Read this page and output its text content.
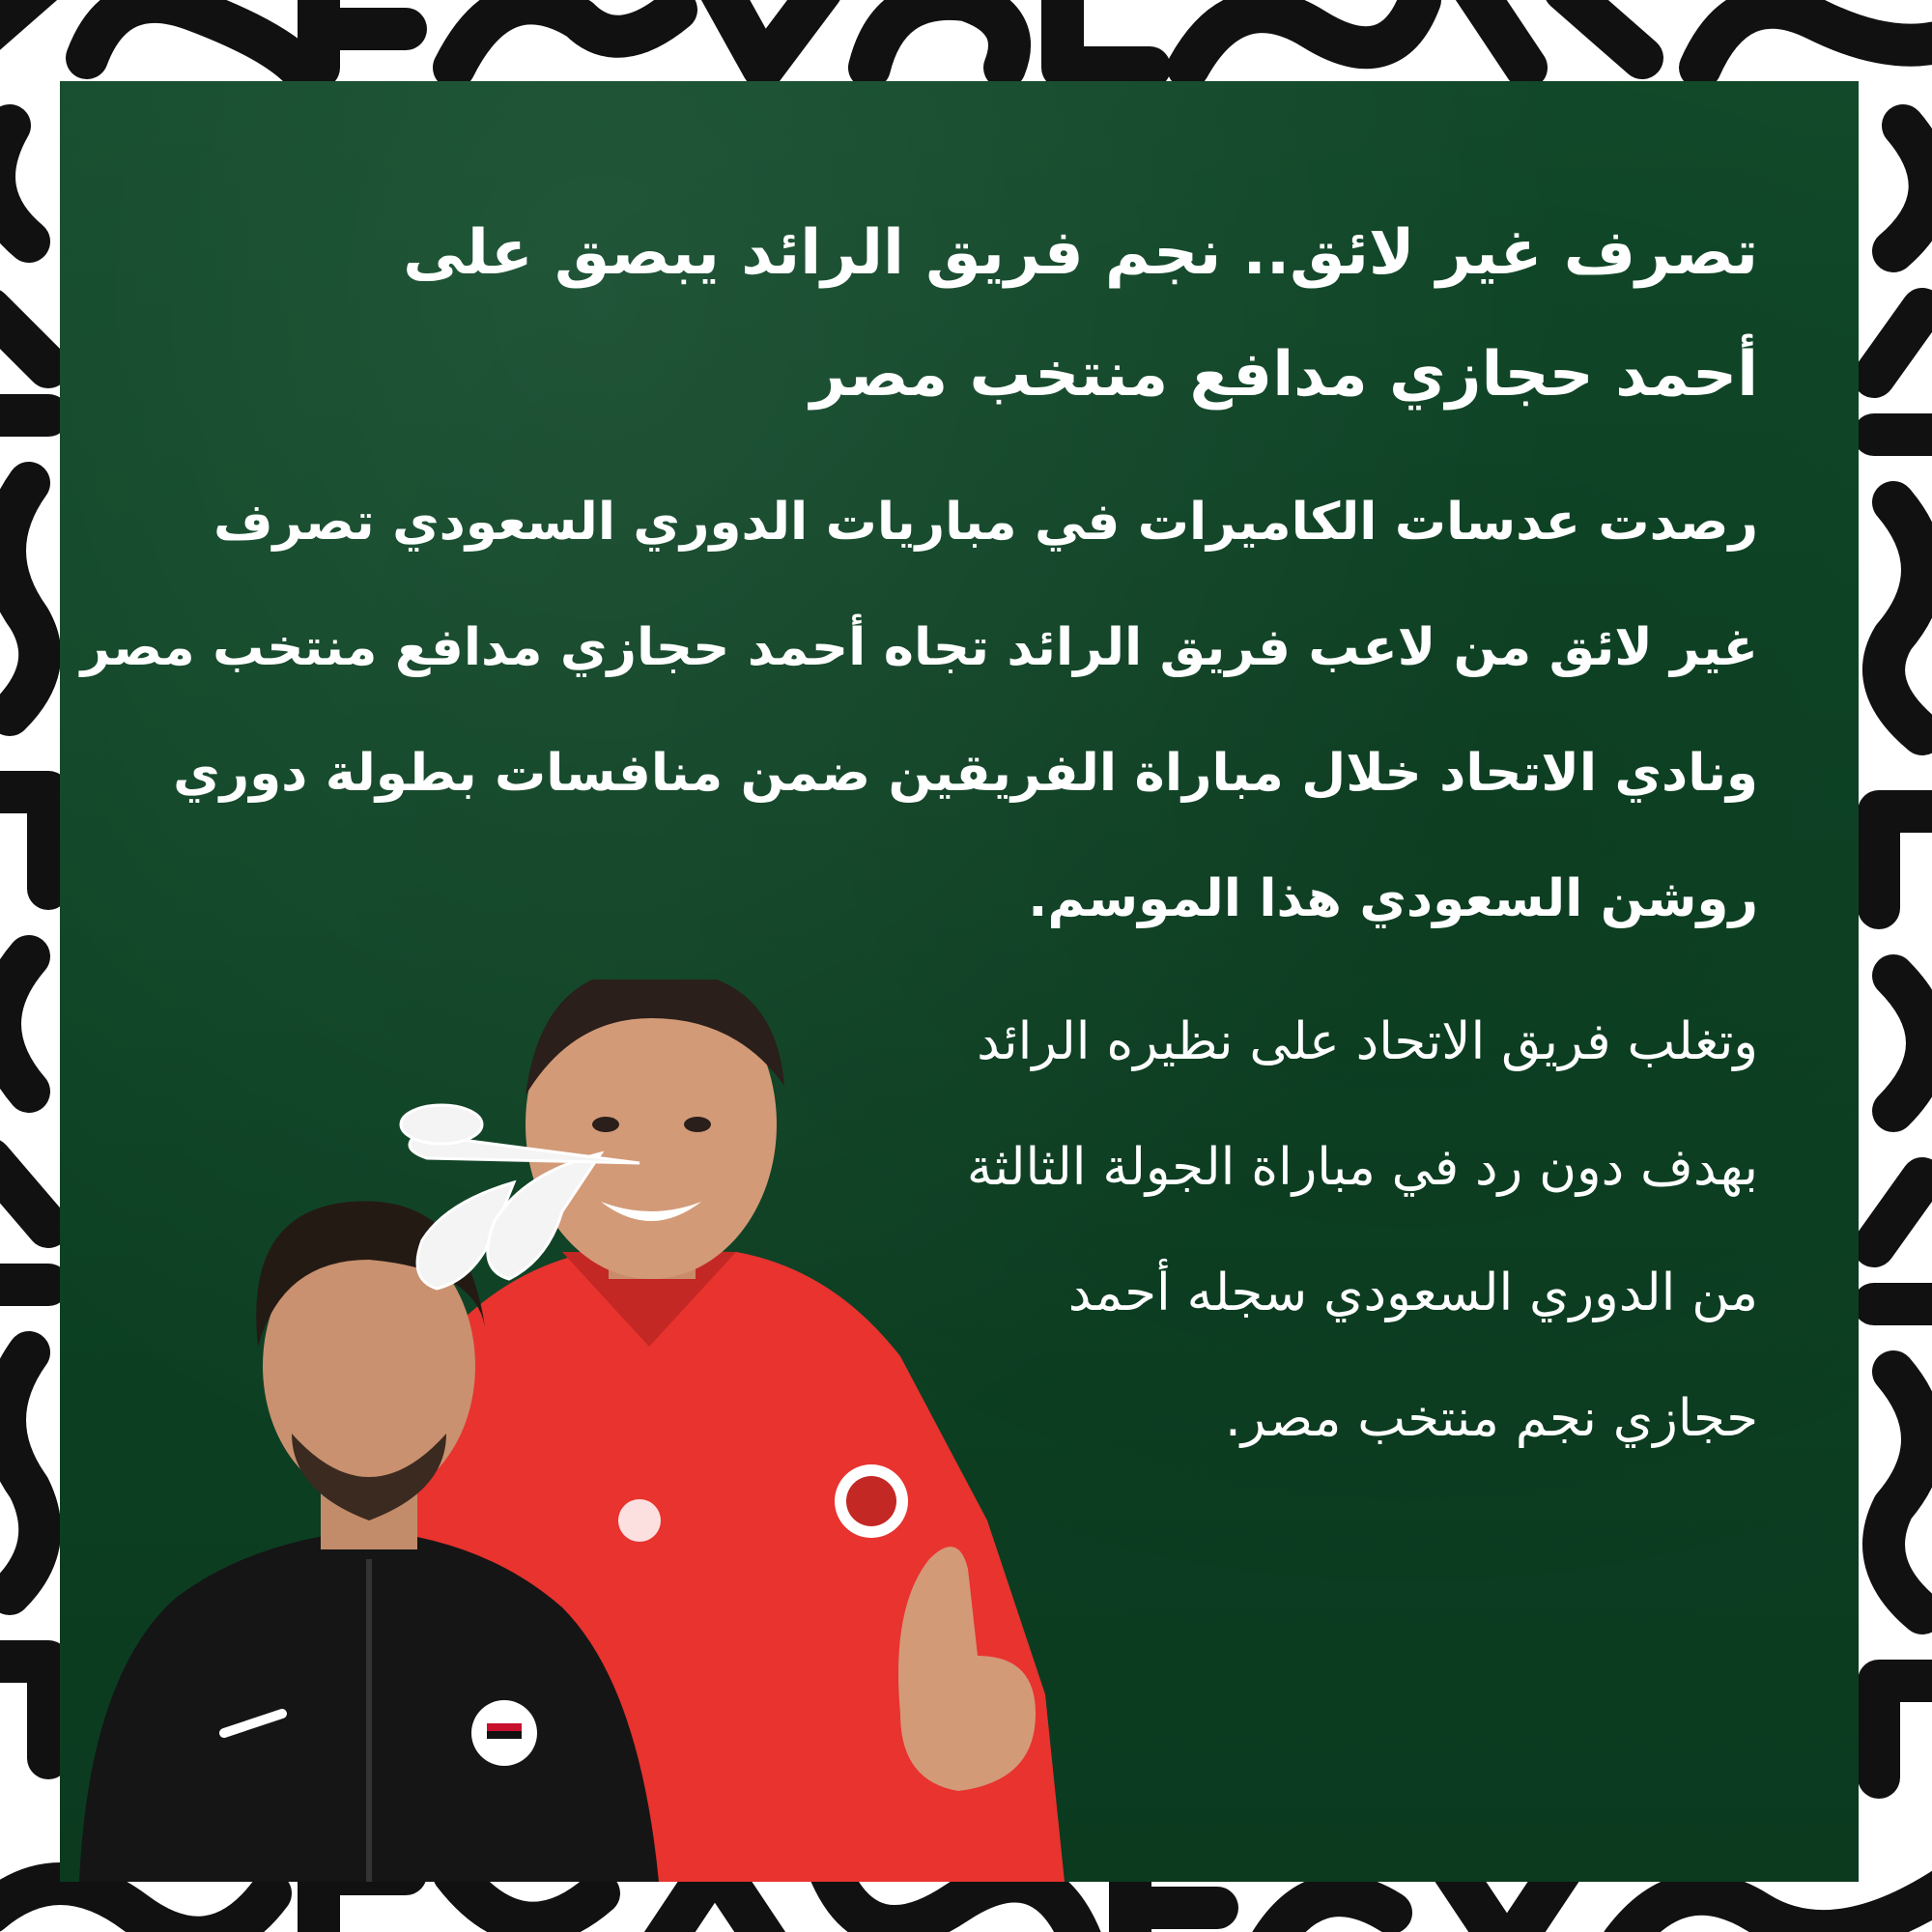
تصرف غير لائق.. نجم فريق الرائد يبصق على
أحمد حجازي مدافع منتخب مصر

رصدت عدسات الكاميرات في مباريات الدوري السعودي تصرف
غير لائق من لاعب فريق الرائد تجاه أحمد حجازي مدافع منتخب مصر
ونادي الاتحاد خلال مباراة الفريقين ضمن منافسات بطولة دوري
روشن السعودي هذا الموسم.

وتغلب فريق الاتحاد على نظيره الرائد
بهدف دون رد في مباراة الجولة الثالثة
من الدوري السعودي سجله أحمد
حجازي نجم منتخب مصر.
